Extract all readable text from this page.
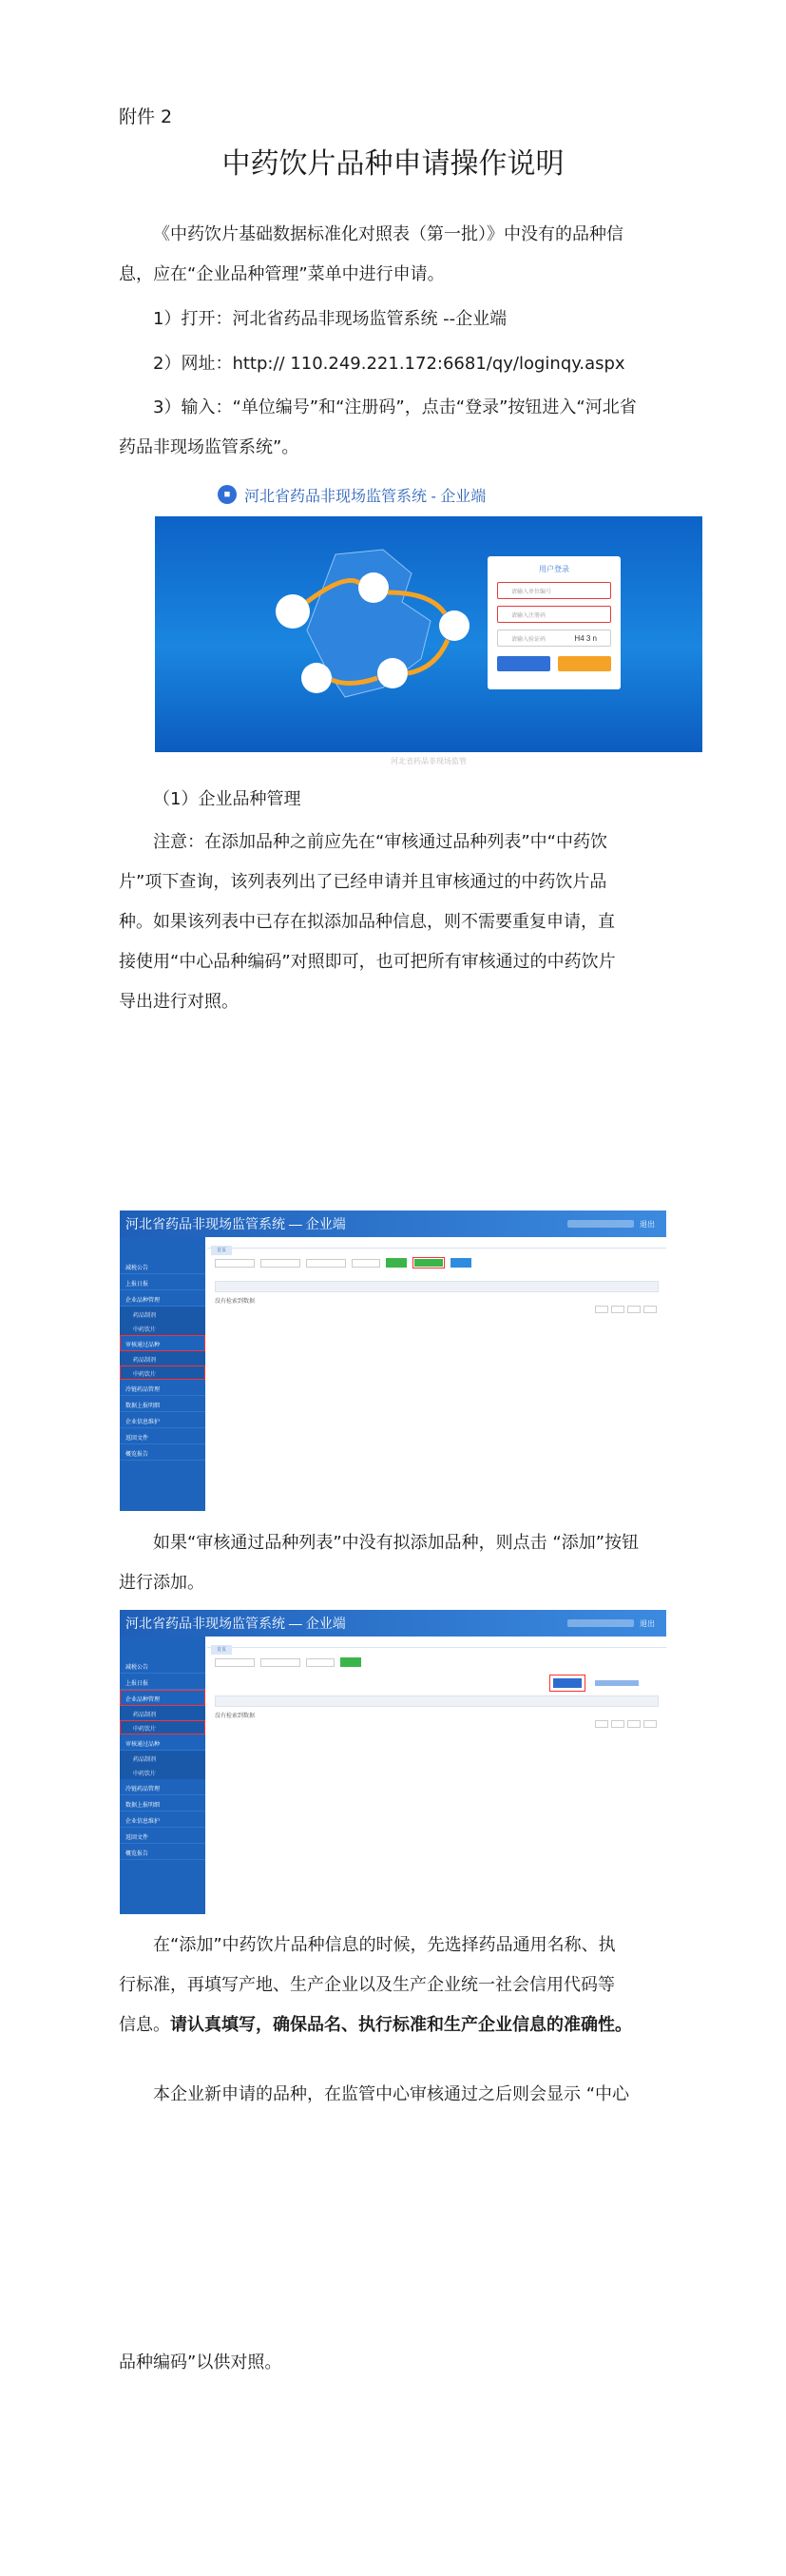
附件 2
中药饮片品种申请操作说明
《中药饮片基础数据标准化对照表（第一批）》中没有的品种信
息，应在“企业品种管理”菜单中进行申请。
1）打开：河北省药品非现场监管系统 --企业端
2）网址：http:// 110.249.221.172:6681/qy/loginqy.aspx
3）输入：“单位编号”和“注册码”，点击“登录”按钮进入“河北省
药品非现场监管系统”。
■ 河北省药品非现场监管系统 - 企业端
用户登录
请输入单位编号
请输入注册码
请输入验证码	H4 3 n
河北省药品非现场监管
（1）企业品种管理
注意：在添加品种之前应先在“审核通过品种列表”中“中药饮
片”项下查询，该列表列出了已经申请并且审核通过的中药饮片品
种。如果该列表中已存在拟添加品种信息，则不需要重复申请，直
接使用“中心品种编码”对照即可，也可把所有审核通过的中药饮片
导出进行对照。
河北省药品非现场监管系统 — 企业端	退出
减税公告
上报日报
企业品种管理
药品制剂
中药饮片
审核通过品种
药品制剂
中药饮片
冷链药品管理
数据上报明细
企业信息维护
返回文件
概览报告
首页
没有检索到数据
如果“审核通过品种列表”中没有拟添加品种，则点击 “添加”按钮
进行添加。
河北省药品非现场监管系统 — 企业端	退出
减税公告
上报日报
企业品种管理
药品制剂
中药饮片
审核通过品种
药品制剂
中药饮片
冷链药品管理
数据上报明细
企业信息维护
返回文件
概览报告
首页
没有检索到数据
在“添加”中药饮片品种信息的时候，先选择药品通用名称、执
行标准，再填写产地、生产企业以及生产企业统一社会信用代码等
信息。请认真填写，确保品名、执行标准和生产企业信息的准确性。
本企业新申请的品种，在监管中心审核通过之后则会显示 “中心
品种编码”以供对照。
